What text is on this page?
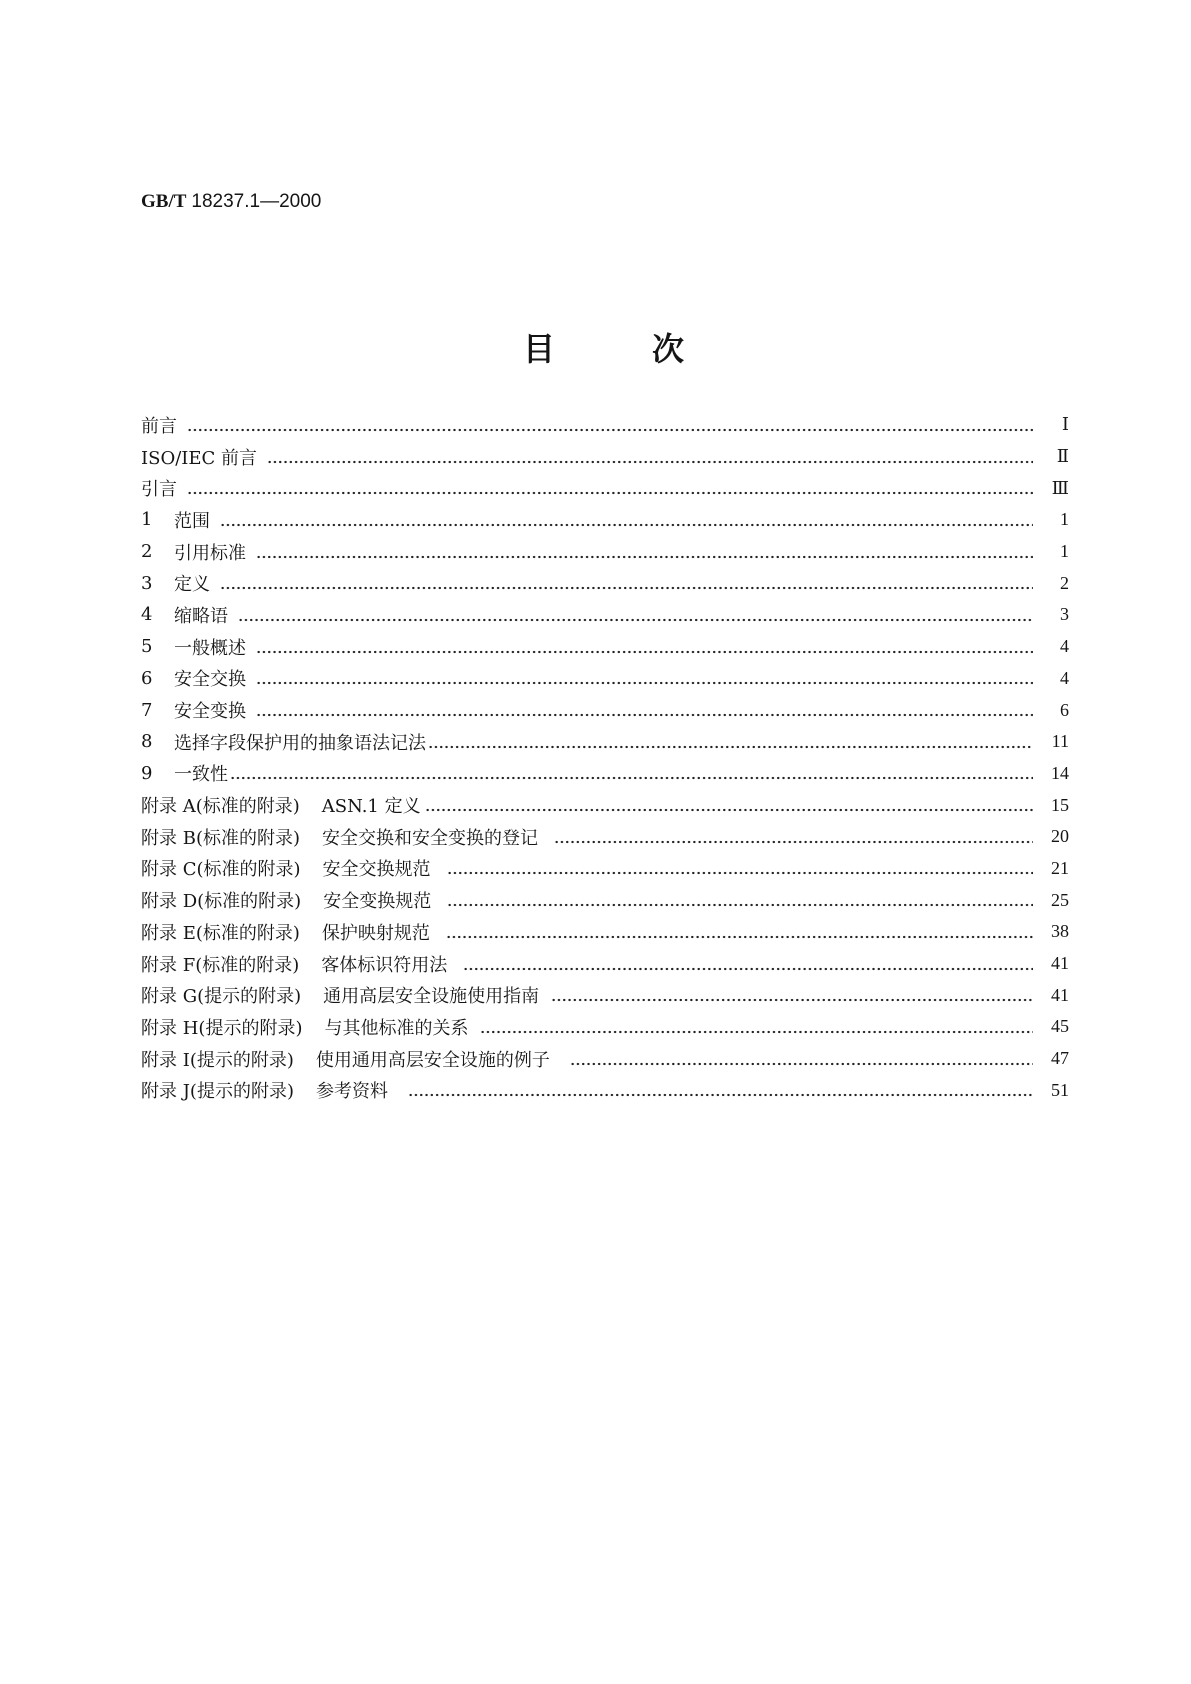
GB/T 18237.1—2000
目次
前言	Ⅰ
ISO/IEC 前言	Ⅱ
引言	Ⅲ
1	范围	1
2	引用标准	1
3	定义	2
4	缩略语	3
5	一般概述	4
6	安全交换	4
7	安全变换	6
8	选择字段保护用的抽象语法记法	11
9	一致性	14
附录 A(标准的附录) ASN.1 定义	15
附录 B(标准的附录) 安全交换和安全变换的登记	20
附录 C(标准的附录) 安全交换规范	21
附录 D(标准的附录) 安全变换规范	25
附录 E(标准的附录) 保护映射规范	38
附录 F(标准的附录) 客体标识符用法	41
附录 G(提示的附录) 通用高层安全设施使用指南	41
附录 H(提示的附录) 与其他标准的关系	45
附录 I(提示的附录) 使用通用高层安全设施的例子	47
附录 J(提示的附录) 参考资料	51
